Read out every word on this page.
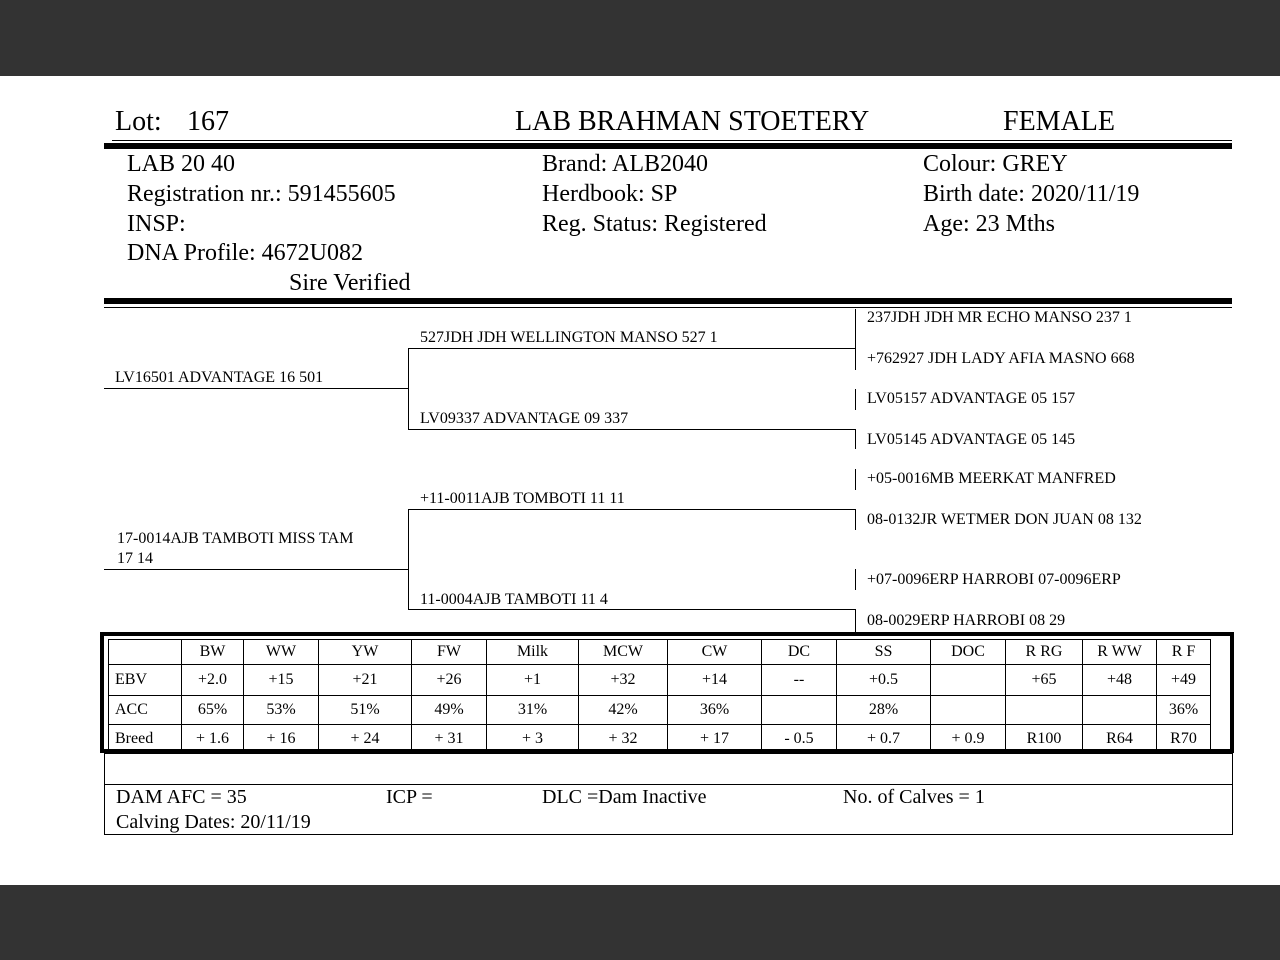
Lot: 167	LAB BRAHMAN STOETERY	FEMALE
LAB 20 40
Registration nr.: 591455605
INSP:
DNA Profile: 4672U082
Sire Verified
Brand: ALB2040
Herdbook: SP
Reg. Status: Registered
Colour: GREY
Birth date: 2020/11/19
Age: 23 Mths
LV16501 ADVANTAGE 16 501
17-0014AJB TAMBOTI MISS TAM
17 14
527JDH JDH WELLINGTON MANSO 527 1
LV09337 ADVANTAGE 09 337
+11-0011AJB TOMBOTI 11 11
11-0004AJB TAMBOTI 11 4
237JDH JDH MR ECHO MANSO 237 1
+762927 JDH LADY AFIA MASNO 668
LV05157 ADVANTAGE 05 157
LV05145 ADVANTAGE 05 145
+05-0016MB MEERKAT MANFRED
08-0132JR WETMER DON JUAN 08 132
+07-0096ERP HARROBI 07-0096ERP
08-0029ERP HARROBI 08 29
	BW	WW	YW	FW	Milk	MCW	CW	DC	SS	DOC	R RG	R WW	R F
EBV	+2.0	+15	+21	+26	+1	+32	+14	--	+0.5		+65	+48	+49
ACC	65%	53%	51%	49%	31%	42%	36%		28%				36%
Breed	+ 1.6	+ 16	+ 24	+ 31	+ 3	+ 32	+ 17	- 0.5	+ 0.7	+ 0.9	R100	R64	R70
DAM AFC = 35	ICP =	DLC =Dam Inactive	No. of Calves = 1
Calving Dates: 20/11/19
